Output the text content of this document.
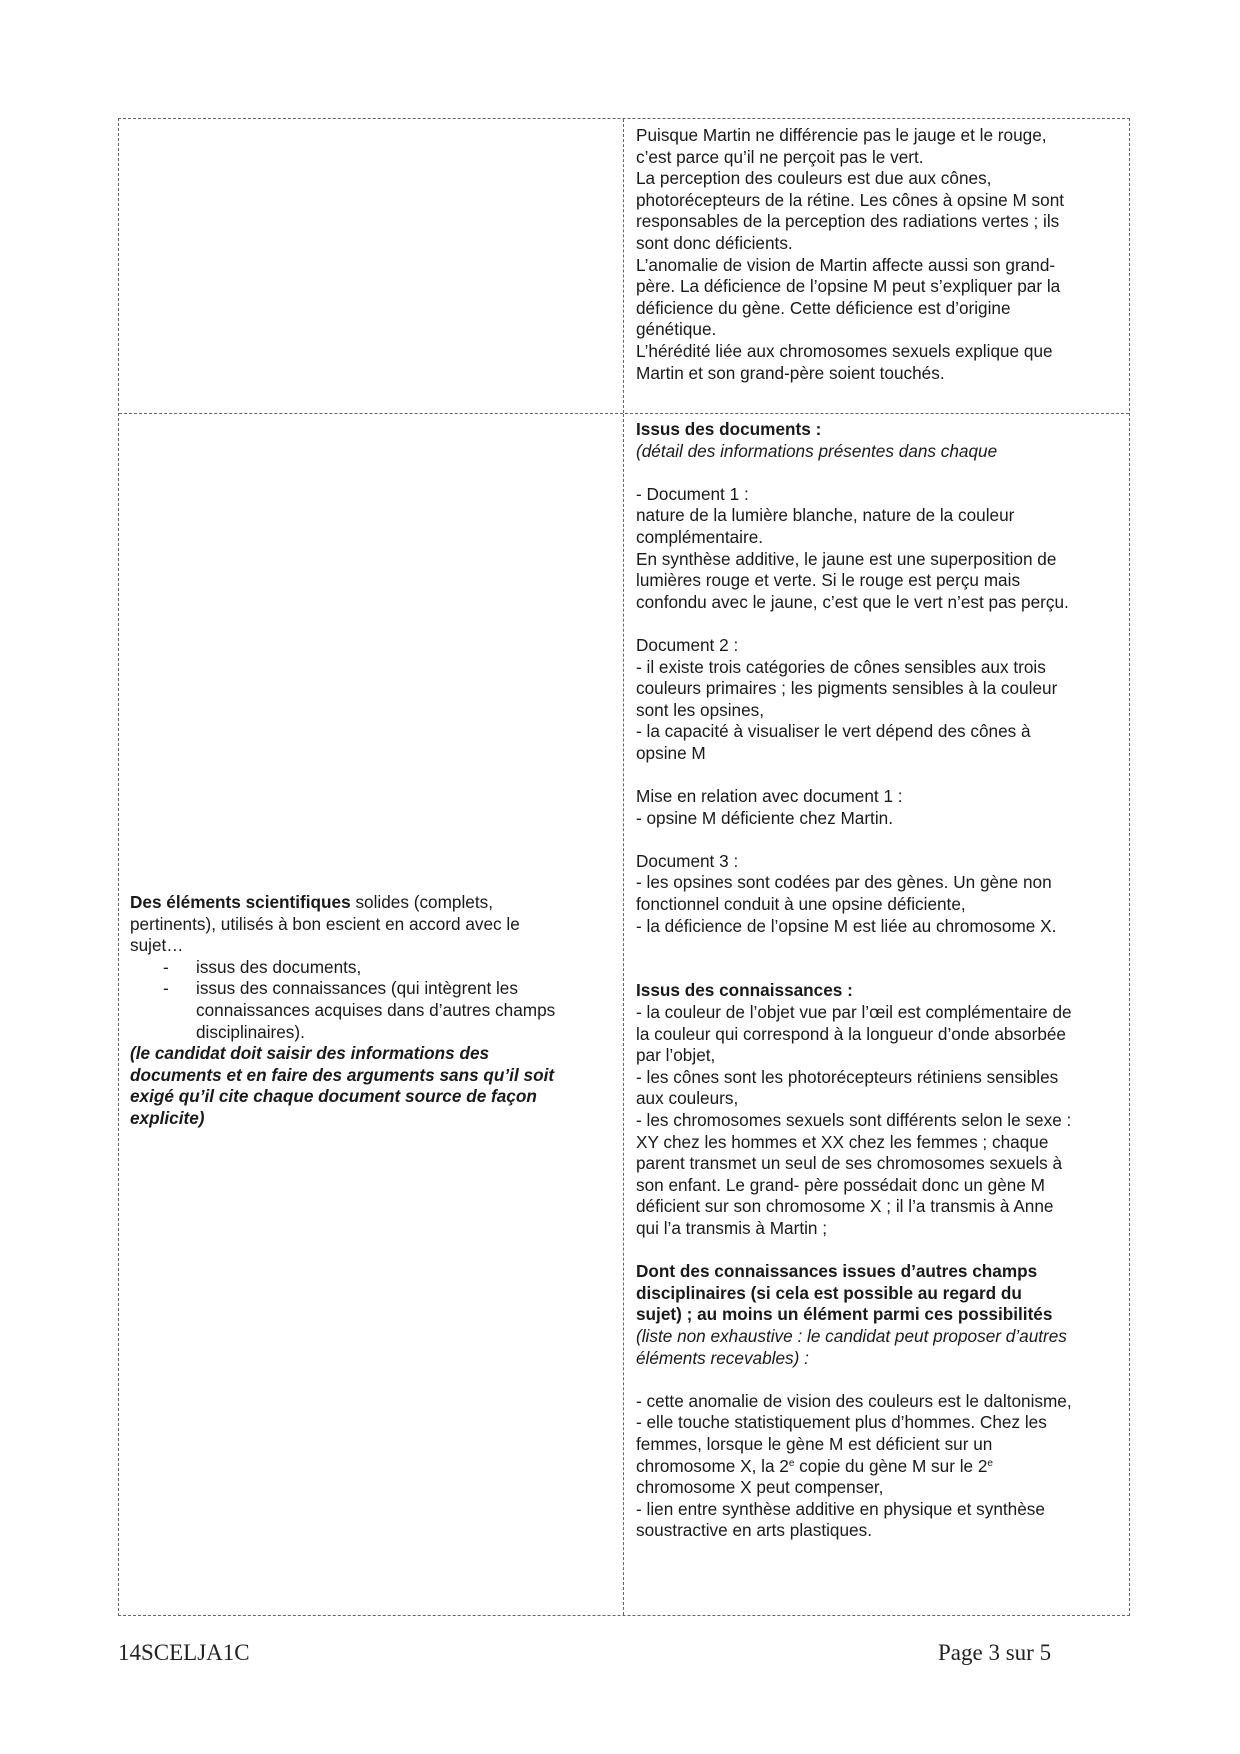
Puisque Martin ne différencie pas le jauge et le rouge,
c’est parce qu’il ne perçoit pas le vert.
La perception des couleurs est due aux cônes,
photorécepteurs de la rétine. Les cônes à opsine M sont
responsables de la perception des radiations vertes ; ils
sont donc déficients.
L’anomalie de vision de Martin affecte aussi son grand-
père. La déficience de l’opsine M peut s’expliquer par la
déficience du gène. Cette déficience est d’origine
génétique.
L’hérédité liée aux chromosomes sexuels explique que
Martin et son grand-père soient touchés.
Des éléments scientifiques solides (complets,
pertinents), utilisés à bon escient en accord avec le
sujet…
- issus des documents,
- issus des connaissances (qui intègrent les
connaissances acquises dans d’autres champs
disciplinaires).
(le candidat doit saisir des informations des
documents et en faire des arguments sans qu’il soit
exigé qu’il cite chaque document source de façon
explicite)
Issus des documents :
(détail des informations présentes dans chaque
- Document 1 :
nature de la lumière blanche, nature de la couleur
complémentaire.
En synthèse additive, le jaune est une superposition de
lumières rouge et verte. Si le rouge est perçu mais
confondu avec le jaune, c’est que le vert n’est pas perçu.
Document 2 :
- il existe trois catégories de cônes sensibles aux trois
couleurs primaires ; les pigments sensibles à la couleur
sont les opsines,
- la capacité à visualiser le vert dépend des cônes à
opsine M
Mise en relation avec document 1 :
- opsine M déficiente chez Martin.
Document 3 :
- les opsines sont codées par des gènes. Un gène non
fonctionnel conduit à une opsine déficiente,
- la déficience de l’opsine M est liée au chromosome X.
Issus des connaissances :
- la couleur de l’objet vue par l’œil est complémentaire de
la couleur qui correspond à la longueur d’onde absorbée
par l’objet,
- les cônes sont les photorécepteurs rétiniens sensibles
aux couleurs,
- les chromosomes sexuels sont différents selon le sexe :
XY chez les hommes et XX chez les femmes ; chaque
parent transmet un seul de ses chromosomes sexuels à
son enfant. Le grand- père possédait donc un gène M
déficient sur son chromosome X ; il l’a transmis à Anne
qui l’a transmis à Martin ;
Dont des connaissances issues d’autres champs
disciplinaires (si cela est possible au regard du
sujet) ; au moins un élément parmi ces possibilités
(liste non exhaustive : le candidat peut proposer d’autres
éléments recevables) :
- cette anomalie de vision des couleurs est le daltonisme,
- elle touche statistiquement plus d’hommes. Chez les
femmes, lorsque le gène M est déficient sur un
chromosome X, la 2e copie du gène M sur le 2e
chromosome X peut compenser,
- lien entre synthèse additive en physique et synthèse
soustractive en arts plastiques.
14SCELJA1C	Page 3 sur 5
